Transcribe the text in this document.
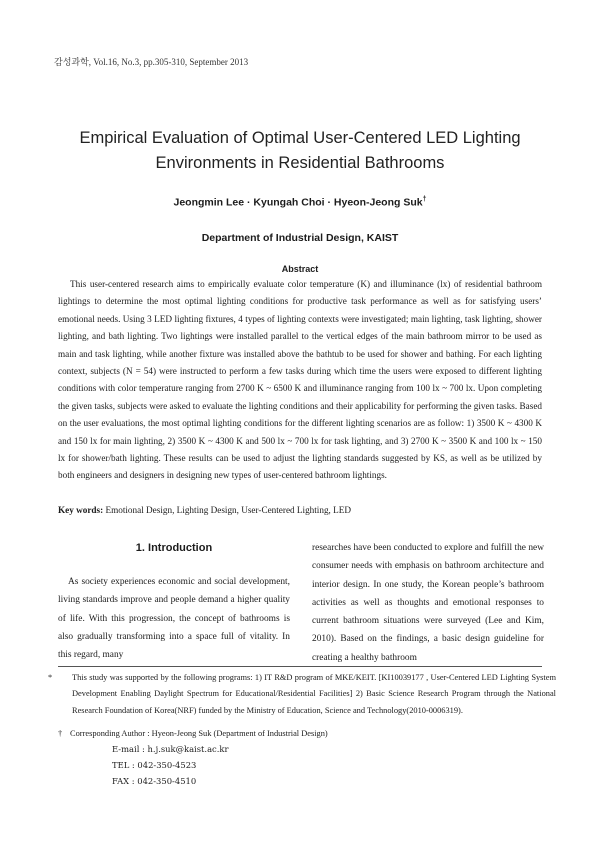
감성과학, Vol.16, No.3, pp.305-310, September 2013
Empirical Evaluation of Optimal User-Centered LED Lighting
Environments in Residential Bathrooms
Jeongmin Lee · Kyungah Choi · Hyeon-Jeong Suk†
Department of Industrial Design, KAIST
Abstract

This user-centered research aims to empirically evaluate color temperature (K) and illuminance (lx) of residential bathroom lightings to determine the most optimal lighting conditions for productive task performance as well as for satisfying users’ emotional needs. Using 3 LED lighting fixtures, 4 types of lighting contexts were investigated; main lighting, task lighting, shower lighting, and bath lighting. Two lightings were installed parallel to the vertical edges of the main bathroom mirror to be used as main and task lighting, while another fixture was installed above the bathtub to be used for shower and bathing. For each lighting context, subjects (N = 54) were instructed to perform a few tasks during which time the users were exposed to different lighting conditions with color temperature ranging from 2700 K ~ 6500 K and illuminance ranging from 100 lx ~ 700 lx. Upon completing the given tasks, subjects were asked to evaluate the lighting conditions and their applicability for performing the given tasks. Based on the user evaluations, the most optimal lighting conditions for the different lighting scenarios are as follow: 1) 3500 K ~ 4300 K and 150 lx for main lighting, 2) 3500 K ~ 4300 K and 500 lx ~ 700 lx for task lighting, and 3) 2700 K ~ 3500 K and 100 lx ~ 150 lx for shower/bath lighting. These results can be used to adjust the lighting standards suggested by KS, as well as be utilized by both engineers and designers in designing new types of user-centered bathroom lightings.

Key words: Emotional Design, Lighting Design, User-Centered Lighting, LED

1. Introduction

As society experiences economic and social development, living standards improve and people demand a higher quality of life. With this progression, the concept of bathrooms is also gradually transforming into a space full of vitality. In this regard, many

researches have been conducted to explore and fulfill the new consumer needs with emphasis on bathroom architecture and interior design. In one study, the Korean people’s bathroom activities as well as thoughts and emotional responses to current bathroom situations were surveyed (Lee and Kim, 2010). Based on the findings, a basic design guideline for creating a healthy bathroom

* This study was supported by the following programs: 1) IT R&D program of MKE/KEIT. [KI10039177 , User-Centered LED Lighting System Development Enabling Daylight Spectrum for Educational/Residential Facilities] 2) Basic Science Research Program through the National Research Foundation of Korea(NRF) funded by the Ministry of Education, Science and Technology(2010-0006319).

† Corresponding Author : Hyeon-Jeong Suk (Department of Industrial Design)

E-mail : h.j.suk@kaist.ac.kr
TEL : 042-350-4523
FAX : 042-350-4510
